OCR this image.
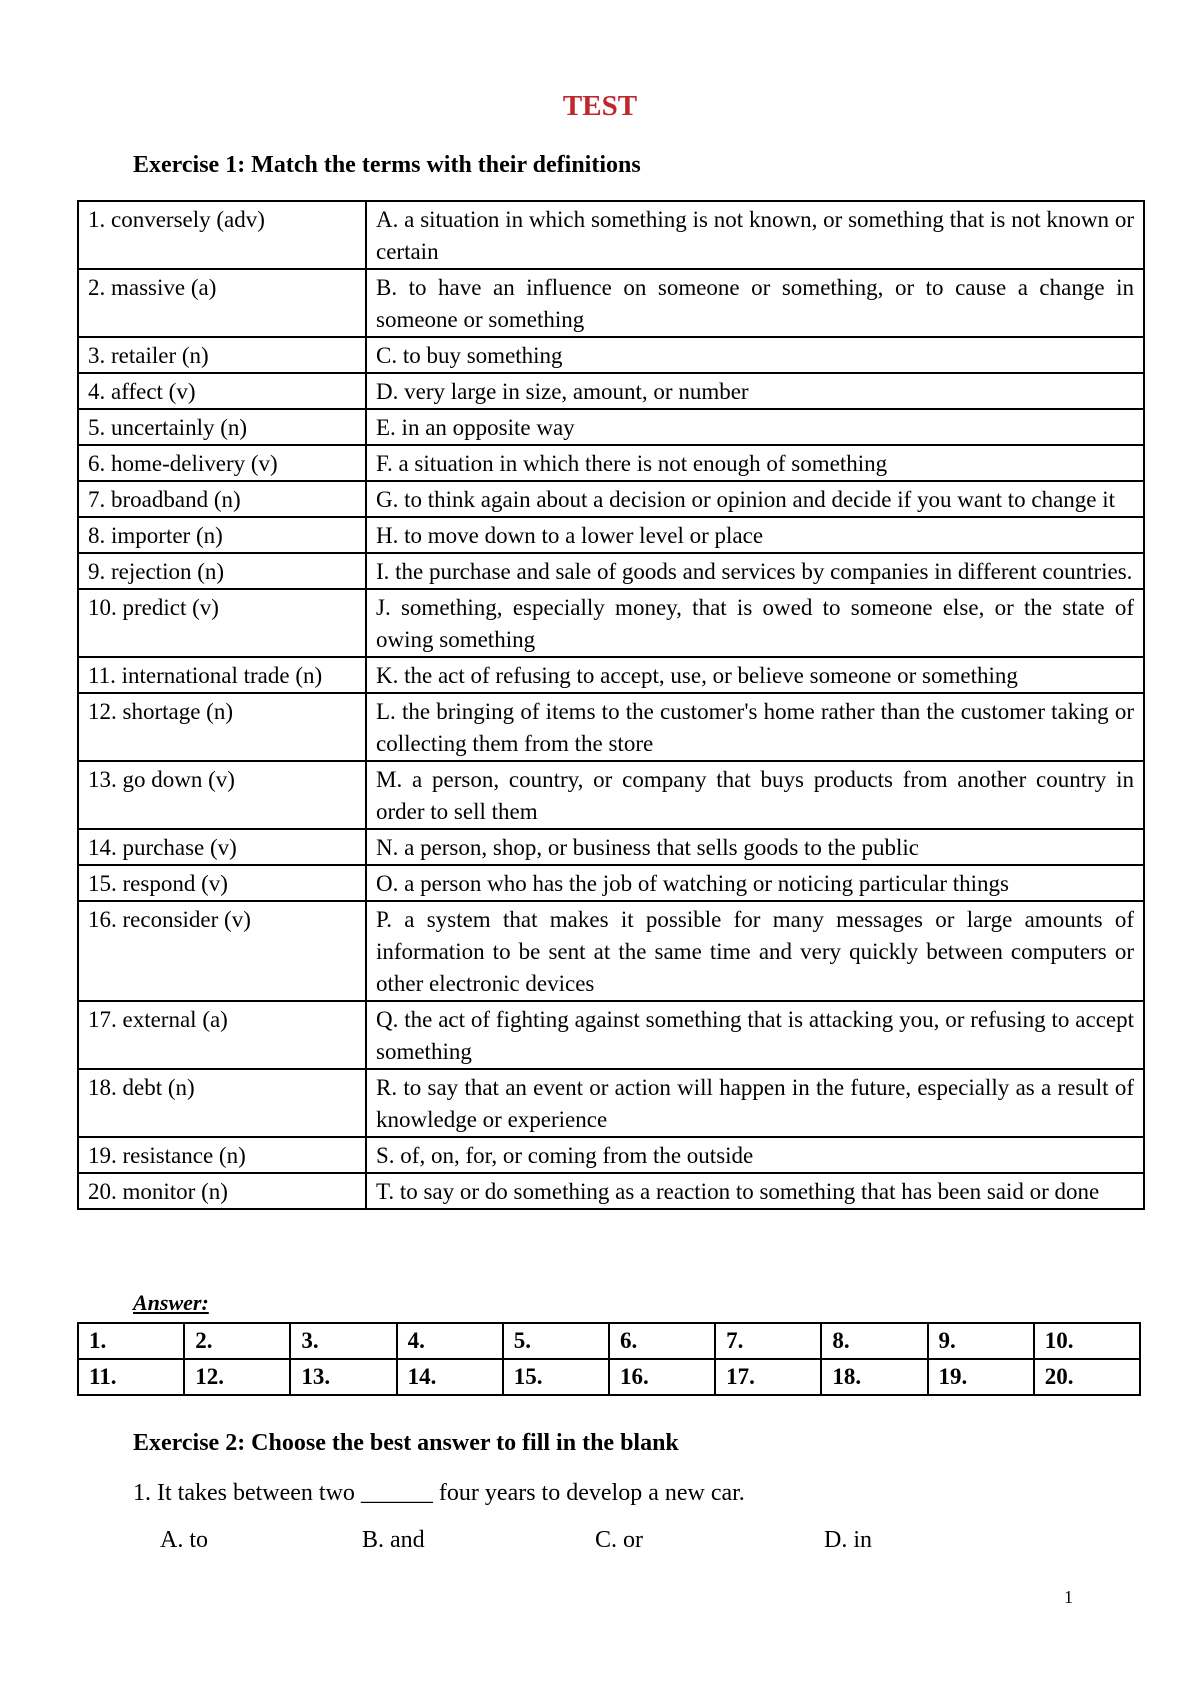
TEST
Exercise 1: Match the terms with their definitions
1. conversely (adv)	A. a situation in which something is not known, or something that is not known or certain
2. massive (a)	B. to have an influence on someone or something, or to cause a change in someone or something
3. retailer (n)	C. to buy something
4. affect (v)	D. very large in size, amount, or number
5. uncertainly (n)	E. in an opposite way
6. home-delivery (v)	F. a situation in which there is not enough of something
7. broadband (n)	G. to think again about a decision or opinion and decide if you want to change it
8. importer (n)	H. to move down to a lower level or place
9. rejection (n)	I. the purchase and sale of goods and services by companies in different countries.
10. predict (v)	J. something, especially money, that is owed to someone else, or the state of owing something
11. international trade (n)	K. the act of refusing to accept, use, or believe someone or something
12. shortage (n)	L. the bringing of items to the customer's home rather than the customer taking or collecting them from the store
13. go down (v)	M. a person, country, or company that buys products from another country in order to sell them
14. purchase (v)	N. a person, shop, or business that sells goods to the public
15. respond (v)	O. a person who has the job of watching or noticing particular things
16. reconsider (v)	P. a system that makes it possible for many messages or large amounts of information to be sent at the same time and very quickly between computers or other electronic devices
17. external (a)	Q. the act of fighting against something that is attacking you, or refusing to accept something
18. debt (n)	R. to say that an event or action will happen in the future, especially as a result of knowledge or experience
19. resistance (n)	S. of, on, for, or coming from the outside
20. monitor (n)	T. to say or do something as a reaction to something that has been said or done
Answer:
1.	2.	3.	4.	5.	6.	7.	8.	9.	10.
11.	12.	13.	14.	15.	16.	17.	18.	19.	20.
Exercise 2: Choose the best answer to fill in the blank
1. It takes between two ______ four years to develop a new car.
A. to	B. and	C. or	D. in
1
